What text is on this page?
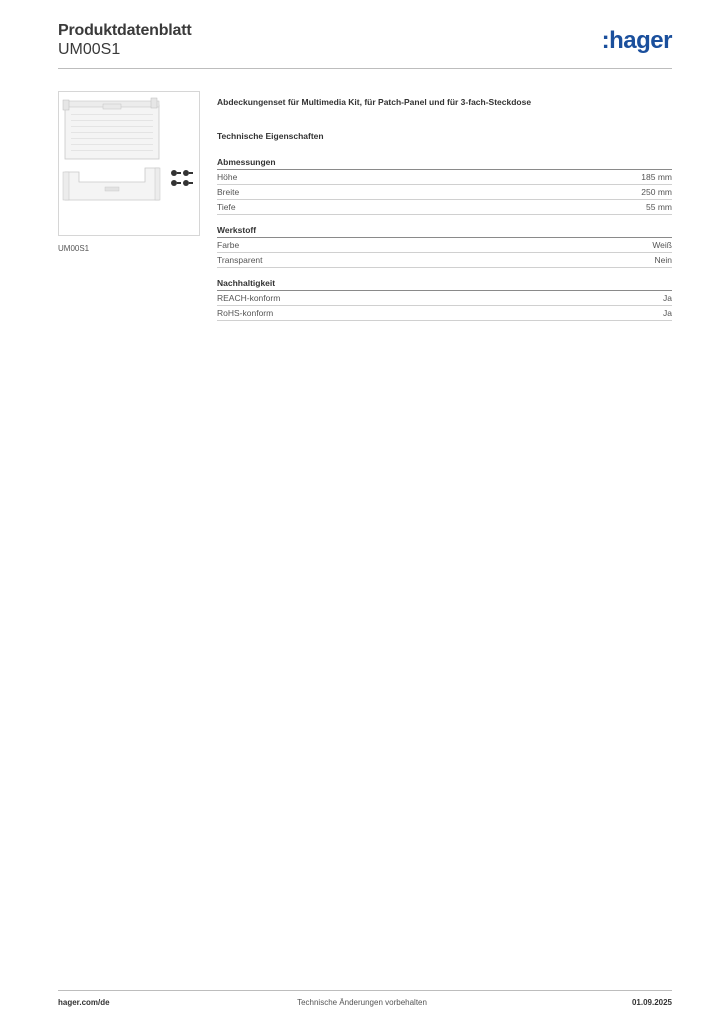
Produktdatenblatt
UM00S1	:hager
UM00S1
Abdeckungenset für Multimedia Kit, für Patch-Panel und für 3-fach-Steckdose
Technische Eigenschaften
Abmessungen
Höhe	185 mm
Breite	250 mm
Tiefe	55 mm
Werkstoff
Farbe	Weiß
Transparent	Nein
Nachhaltigkeit
REACH-konform	Ja
RoHS-konform	Ja
hager.com/de	Technische Änderungen vorbehalten	01.09.2025
